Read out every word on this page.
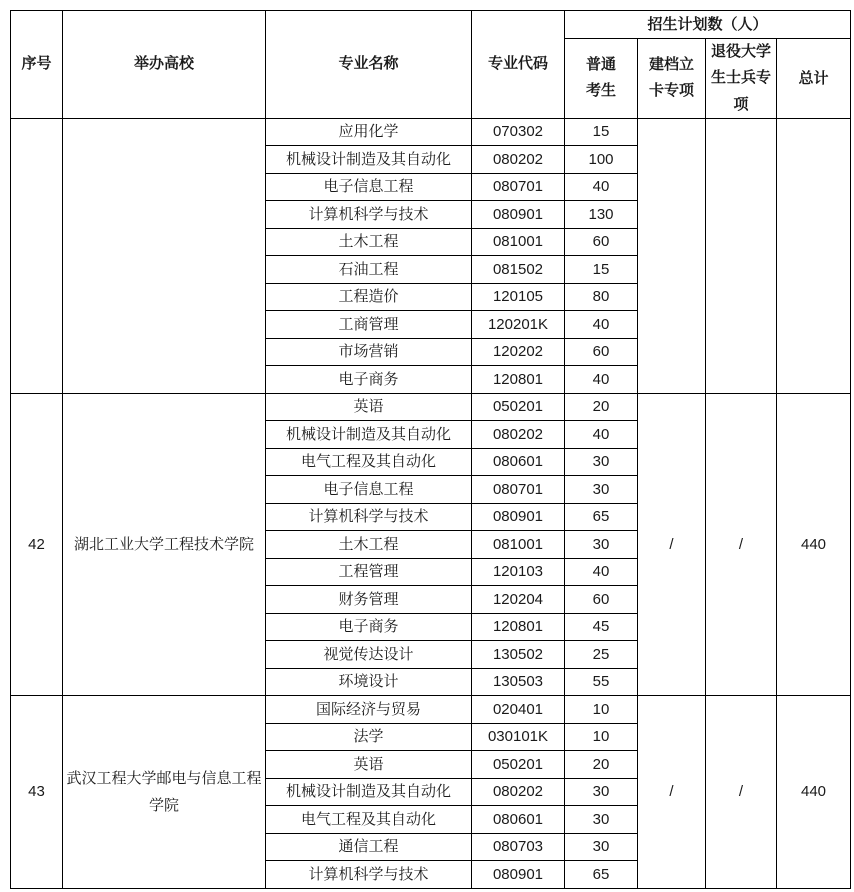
序号	举办高校	专业名称	专业代码	招生计划数（人）			
				普通考生	建档立卡专项	退役大学生士兵专项	总计
		应用化学	070302	15			
		机械设计制造及其自动化	080202	100			
		电子信息工程	080701	40			
		计算机科学与技术	080901	130			
		土木工程	081001	60			
		石油工程	081502	15			
		工程造价	120105	80			
		工商管理	120201K	40			
		市场营销	120202	60			
		电子商务	120801	40			
42	湖北工业大学工程技术学院	英语	050201	20	/	/	440
		机械设计制造及其自动化	080202	40			
		电气工程及其自动化	080601	30			
		电子信息工程	080701	30			
		计算机科学与技术	080901	65			
		土木工程	081001	30			
		工程管理	120103	40			
		财务管理	120204	60			
		电子商务	120801	45			
		视觉传达设计	130502	25			
		环境设计	130503	55			
43	武汉工程大学邮电与信息工程学院	国际经济与贸易	020401	10	/	/	440
		法学	030101K	10			
		英语	050201	20			
		机械设计制造及其自动化	080202	30			
		电气工程及其自动化	080601	30			
		通信工程	080703	30			
		计算机科学与技术	080901	65			
